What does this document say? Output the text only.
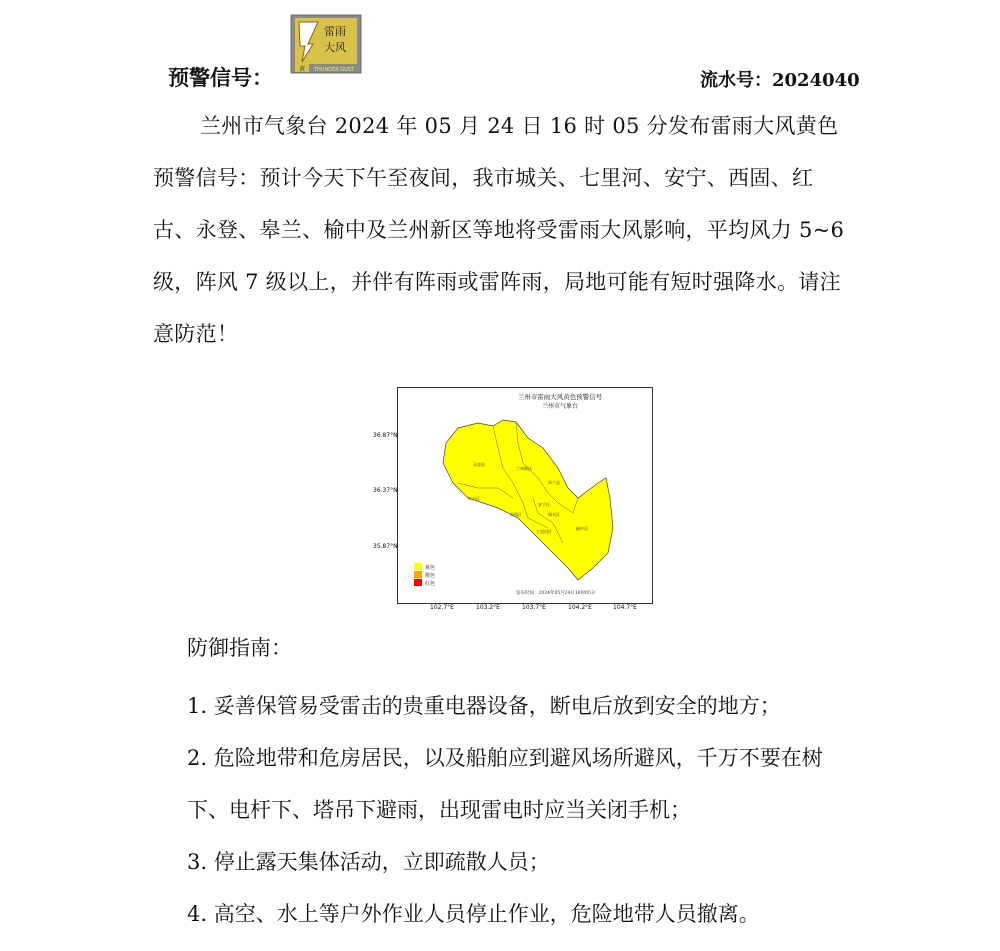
雷雨
大风
黄 THUNDER GUST
预警信号：	流水号：2024040
兰州市气象台 2024 年 05 月 24 日 16 时 05 分发布雷雨大风黄色预警信号：预计今天下午至夜间，我市城关、七里河、安宁、西固、红古、永登、皋兰、榆中及兰州新区等地将受雷雨大风影响，平均风力 5~6 级，阵风 7 级以上，并伴有阵雨或雷阵雨，局地可能有短时强降水。请注意防范！
兰州市雷雨大风黄色预警信号
兰州市气象台
永登县
兰州新区
皋兰县
红古区
西固区
安宁区
城关区
七里河区
榆中县
黄色
橙色
红色
发布时间：2024年05月24日16时05分
36.87°N
36.37°N
35.87°N
102.7°E	103.2°E	103.7°E	104.2°E	104.7°E
防御指南：
1. 妥善保管易受雷击的贵重电器设备，断电后放到安全的地方；
2. 危险地带和危房居民，以及船舶应到避风场所避风，千万不要在树下、电杆下、塔吊下避雨，出现雷电时应当关闭手机；
3. 停止露天集体活动，立即疏散人员；
4. 高空、水上等户外作业人员停止作业，危险地带人员撤离。
